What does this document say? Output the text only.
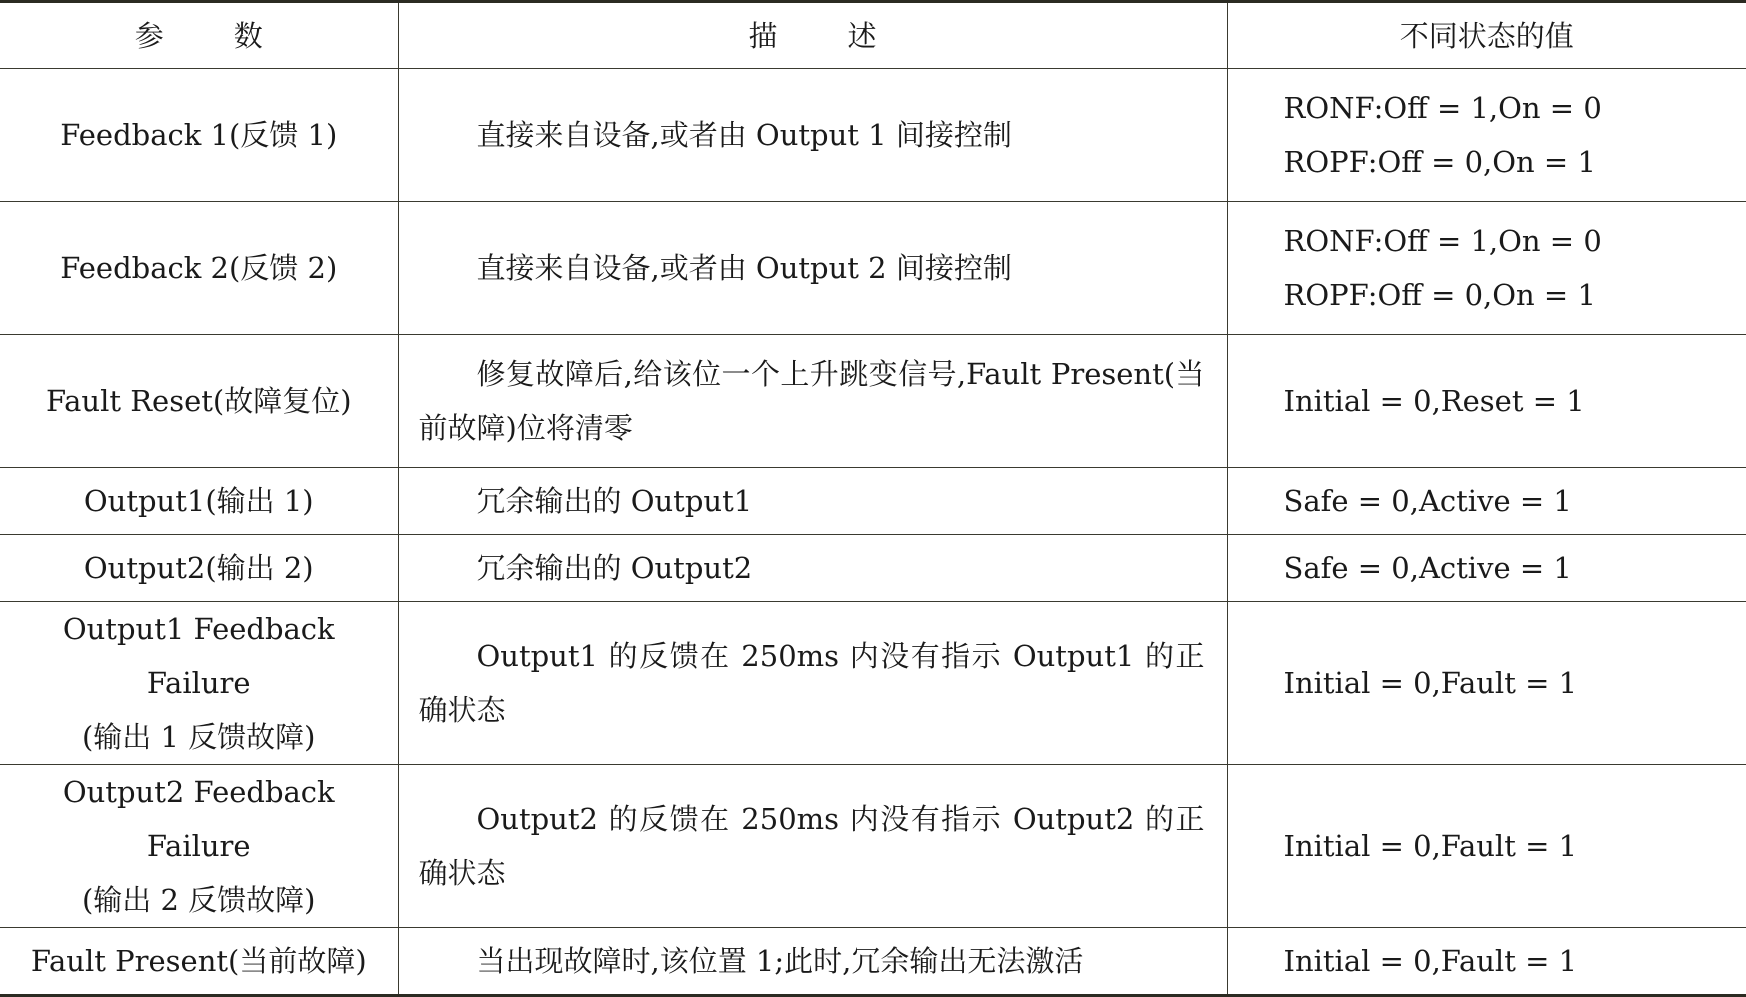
参 数	描 述	不同状态的值

Feedback 1(反馈 1)	直接来自设备,或者由 Output 1 间接控制	RONF:Off = 1,On = 0
ROPF:Off = 0,On = 1

Feedback 2(反馈 2)	直接来自设备,或者由 Output 2 间接控制	RONF:Off = 1,On = 0
ROPF:Off = 0,On = 1

Fault Reset(故障复位)	修复故障后,给该位一个上升跳变信号,Fault Present(当前故障)位将清零	Initial = 0,Reset = 1

Output1(输出 1)	冗余输出的 Output1	Safe = 0,Active = 1

Output2(输出 2)	冗余输出的 Output2	Safe = 0,Active = 1

Output1 Feedback Failure
(输出 1 反馈故障)	Output1 的反馈在 250ms 内没有指示 Output1 的正确状态	Initial = 0,Fault = 1

Output2 Feedback Failure
(输出 2 反馈故障)	Output2 的反馈在 250ms 内没有指示 Output2 的正确状态	Initial = 0,Fault = 1

Fault Present(当前故障)	当出现故障时,该位置 1;此时,冗余输出无法激活	Initial = 0,Fault = 1
